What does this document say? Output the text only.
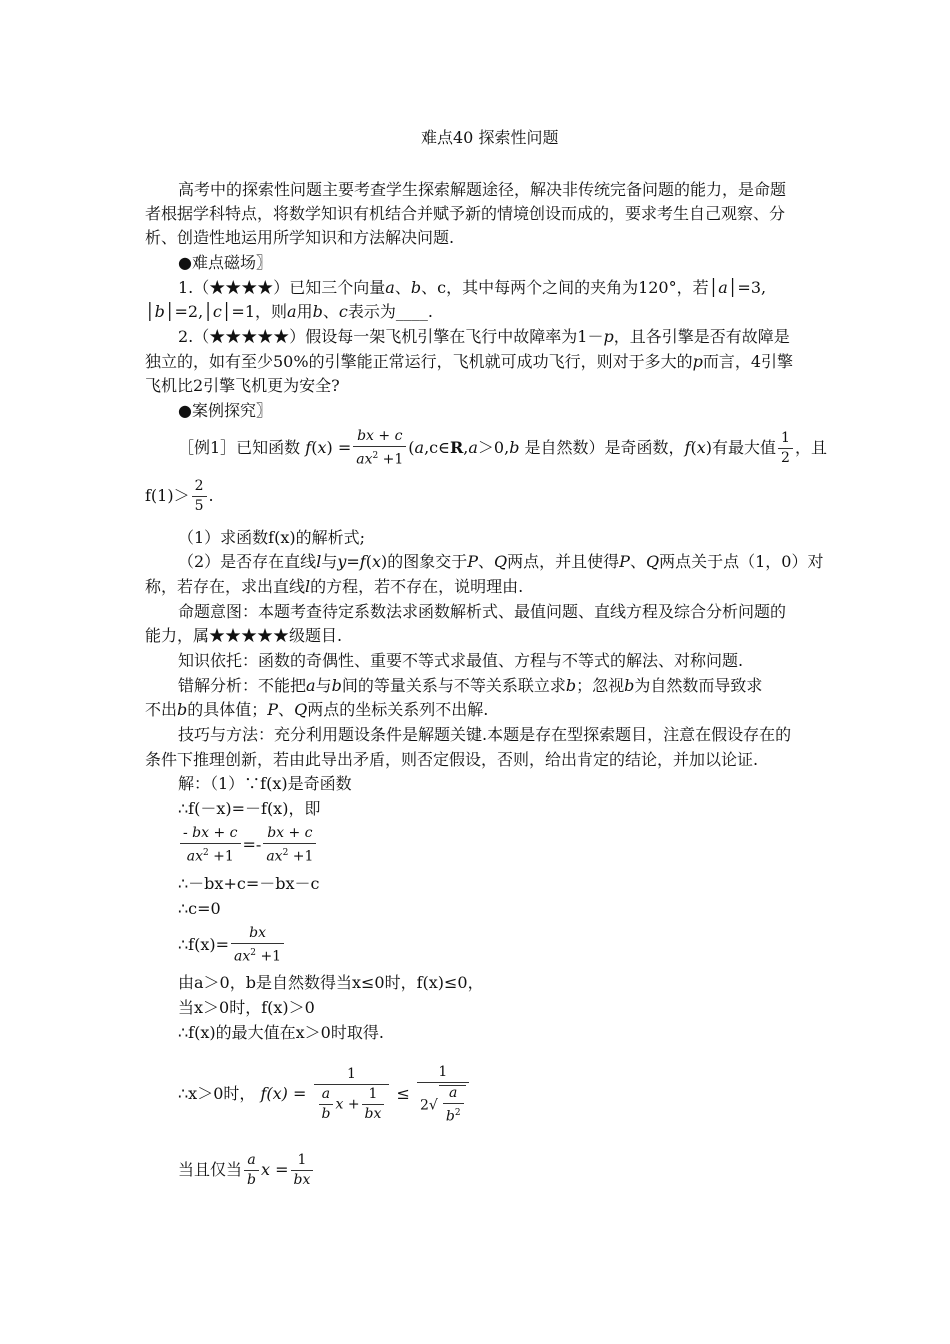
难点40 探索性问题
高考中的探索性问题主要考查学生探索解题途径，解决非传统完备问题的能力，是命题
者根据学科特点，将数学知识有机结合并赋予新的情境创设而成的，要求考生自己观察、分
析、创造性地运用所学知识和方法解决问题.
●难点磁场〗
1.（★★★★）已知三个向量a、b、c，其中每两个之间的夹角为120°，若│a│=3,
│b│=2,│c│=1，则a用b、c表示为____.
2.（★★★★★）假设每一架飞机引擎在飞行中故障率为1－p，且各引擎是否有故障是
独立的，如有至少50%的引擎能正常运行，飞机就可成功飞行，则对于多大的p而言，4引擎
飞机比2引擎飞机更为安全?
●案例探究〗
［例1］已知函数 $f(x) = \frac{bx + c}{ax^2 +1}$ (a,c∈R,a＞0,b 是自然数）是奇函数，f(x)有最大值 $\frac{1}{2}$ ，且
$f(1)> \frac{2}{5}$ .
（1）求函数f(x)的解析式;
（2）是否存在直线l与y=f(x)的图象交于P、Q两点，并且使得P、Q两点关于点（1，0）对
称，若存在，求出直线l的方程，若不存在，说明理由.
命题意图：本题考查待定系数法求函数解析式、最值问题、直线方程及综合分析问题的
能力，属★★★★★级题目.
知识依托：函数的奇偶性、重要不等式求最值、方程与不等式的解法、对称问题.
错解分析：不能把a与b间的等量关系与不等关系联立求b；忽视b为自然数而导致求
不出b的具体值；P、Q两点的坐标关系列不出解.
技巧与方法：充分利用题设条件是解题关键.本题是存在型探索题目，注意在假设存在的
条件下推理创新，若由此导出矛盾，则否定假设，否则，给出肯定的结论，并加以论证.
解：（1）∵f(x)是奇函数
∴f(－x)=－f(x)，即
$\frac{- bx + c}{ax^2 +1} =- \frac{bx + c}{ax^2 +1}$
∴－bx+c=－bx－c
∴c=0
∴f(x)= $\frac{bx}{ax^2 +1}$
由a＞0，b是自然数得当x≤0时，f(x)≤0，
当x＞0时，f(x)＞0
∴f(x)的最大值在x＞0时取得.
∴x＞0时， $f(x) = \frac{1}{\frac{a}{b} x + \frac{1}{bx}} \le \frac{1}{2√ \frac{a}{b^2}}$
当且仅当 $\frac{a}{b}$ $x = \frac{1}{bx}$
